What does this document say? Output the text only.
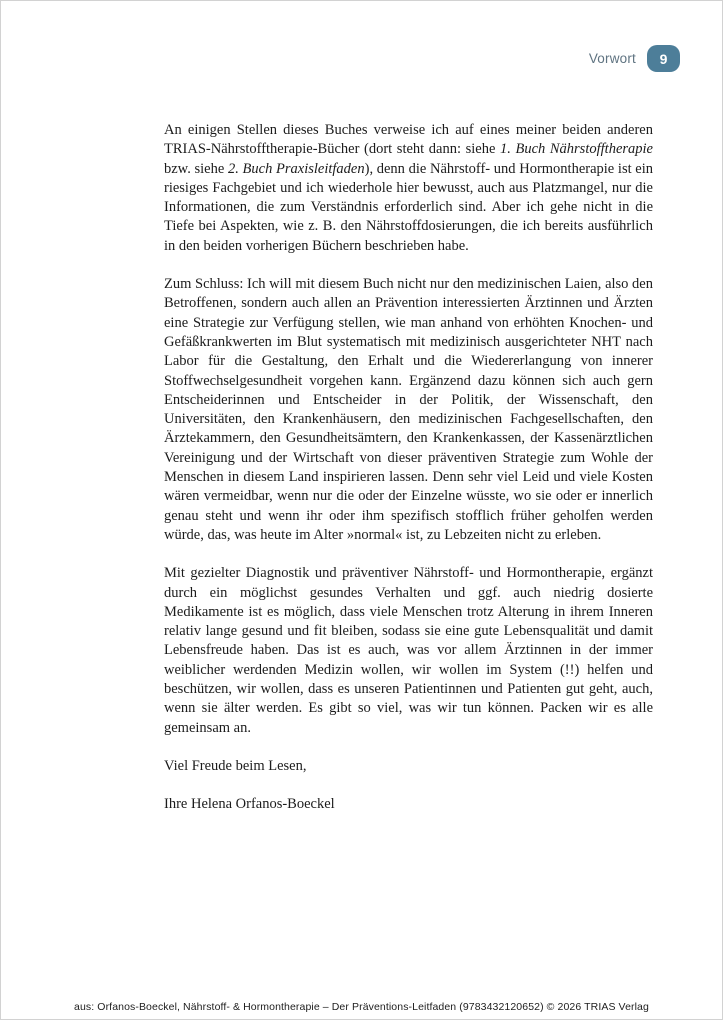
Vorwort	9

An einigen Stellen dieses Buches verweise ich auf eines meiner beiden anderen TRIAS-Nährstofftherapie-Bücher (dort steht dann: siehe 1. Buch Nährstofftherapie bzw. siehe 2. Buch Praxisleitfaden), denn die Nährstoff- und Hormontherapie ist ein riesiges Fachgebiet und ich wiederhole hier bewusst, auch aus Platzmangel, nur die Informationen, die zum Verständnis erforderlich sind. Aber ich gehe nicht in die Tiefe bei Aspekten, wie z. B. den Nährstoffdosierungen, die ich bereits ausführlich in den beiden vorherigen Büchern beschrieben habe.

Zum Schluss: Ich will mit diesem Buch nicht nur den medizinischen Laien, also den Betroffenen, sondern auch allen an Prävention interessierten Ärztinnen und Ärzten eine Strategie zur Verfügung stellen, wie man anhand von erhöhten Knochen- und Gefäßkrankwerten im Blut systematisch mit medizinisch ausgerichteter NHT nach Labor für die Gestaltung, den Erhalt und die Wiedererlangung von innerer Stoffwechselgesundheit vorgehen kann. Ergänzend dazu können sich auch gern Entscheiderinnen und Entscheider in der Politik, der Wissenschaft, den Universitäten, den Krankenhäusern, den medizinischen Fachgesellschaften, den Ärztekammern, den Gesundheitsämtern, den Krankenkassen, der Kassenärztlichen Vereinigung und der Wirtschaft von dieser präventiven Strategie zum Wohle der Menschen in diesem Land inspirieren lassen. Denn sehr viel Leid und viele Kosten wären vermeidbar, wenn nur die oder der Einzelne wüsste, wo sie oder er innerlich genau steht und wenn ihr oder ihm spezifisch stofflich früher geholfen werden würde, das, was heute im Alter »normal« ist, zu Lebzeiten nicht zu erleben.

Mit gezielter Diagnostik und präventiver Nährstoff- und Hormontherapie, ergänzt durch ein möglichst gesundes Verhalten und ggf. auch niedrig dosierte Medikamente ist es möglich, dass viele Menschen trotz Alterung in ihrem Inneren relativ lange gesund und fit bleiben, sodass sie eine gute Lebensqualität und damit Lebensfreude haben. Das ist es auch, was vor allem Ärztinnen in der immer weiblicher werdenden Medizin wollen, wir wollen im System (!!) helfen und beschützen, wir wollen, dass es unseren Patientinnen und Patienten gut geht, auch, wenn sie älter werden. Es gibt so viel, was wir tun können. Packen wir es alle gemeinsam an.

Viel Freude beim Lesen,

Ihre Helena Orfanos-Boeckel

aus: Orfanos-Boeckel, Nährstoff- & Hormontherapie – Der Präventions-Leitfaden (9783432120652) © 2026 TRIAS Verlag
